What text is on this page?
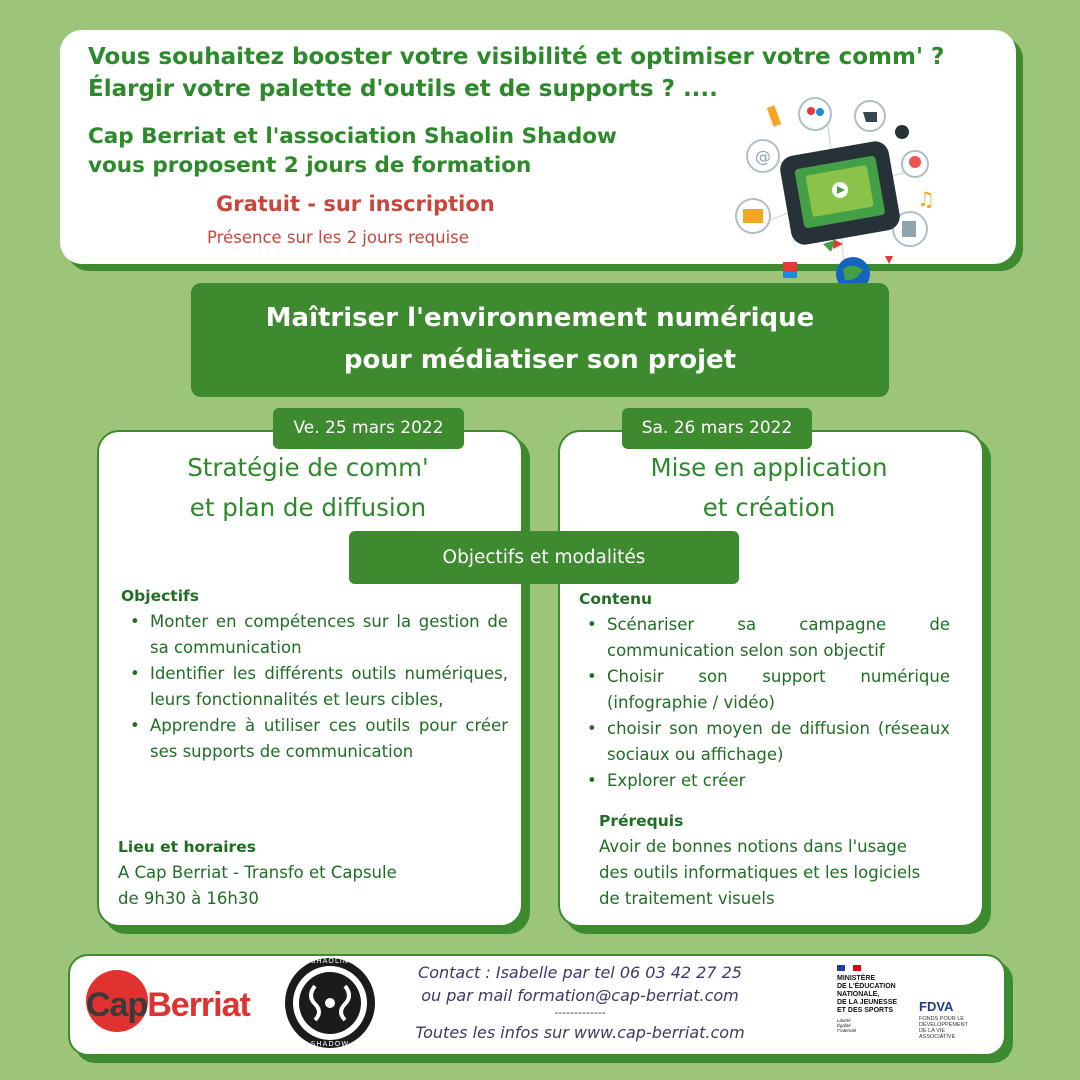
Vous souhaitez booster votre visibilité et optimiser votre comm' ?
Élargir votre palette d'outils et de supports ? ....
Cap Berriat et l'association Shaolin Shadow
vous proposent 2 jours de formation
Gratuit - sur inscription
Présence sur les 2 jours requise
@
♫
Maîtriser l'environnement numérique
pour médiatiser son projet
Ve. 25 mars 2022
Stratégie de comm'
et plan de diffusion
Objectifs
• Monter en compétences sur la gestion de sa communication
• Identifier les différents outils numériques, leurs fonctionnalités et leurs cibles,
• Apprendre à utiliser ces outils pour créer ses supports de communication
Lieu et horaires
A Cap Berriat - Transfo et Capsule
de 9h30 à 16h30
Sa. 26 mars 2022
Mise en application
et création
Contenu
• Scénariser sa campagne de communication selon son objectif
• Choisir son support numérique (infographie / vidéo)
• choisir son moyen de diffusion (réseaux sociaux ou affichage)
• Explorer et créer
Prérequis
Avoir de bonnes notions dans l'usage
des outils informatiques et les logiciels
de traitement visuels
Objectifs et modalités
CapBerriat
SHAOLIN
SHADOW
Contact : Isabelle par tel 06 03 42 27 25
ou par mail formation@cap-berriat.com
-------------
Toutes les infos sur www.cap-berriat.com
MINISTÈRE
DE L'ÉDUCATION
NATIONALE,
DE LA JEUNESSE
ET DES SPORTS
Liberté
Égalité
Fraternité
FDVA
FONDS POUR LE
DÉVELOPPEMENT
DE LA VIE
ASSOCIATIVE
